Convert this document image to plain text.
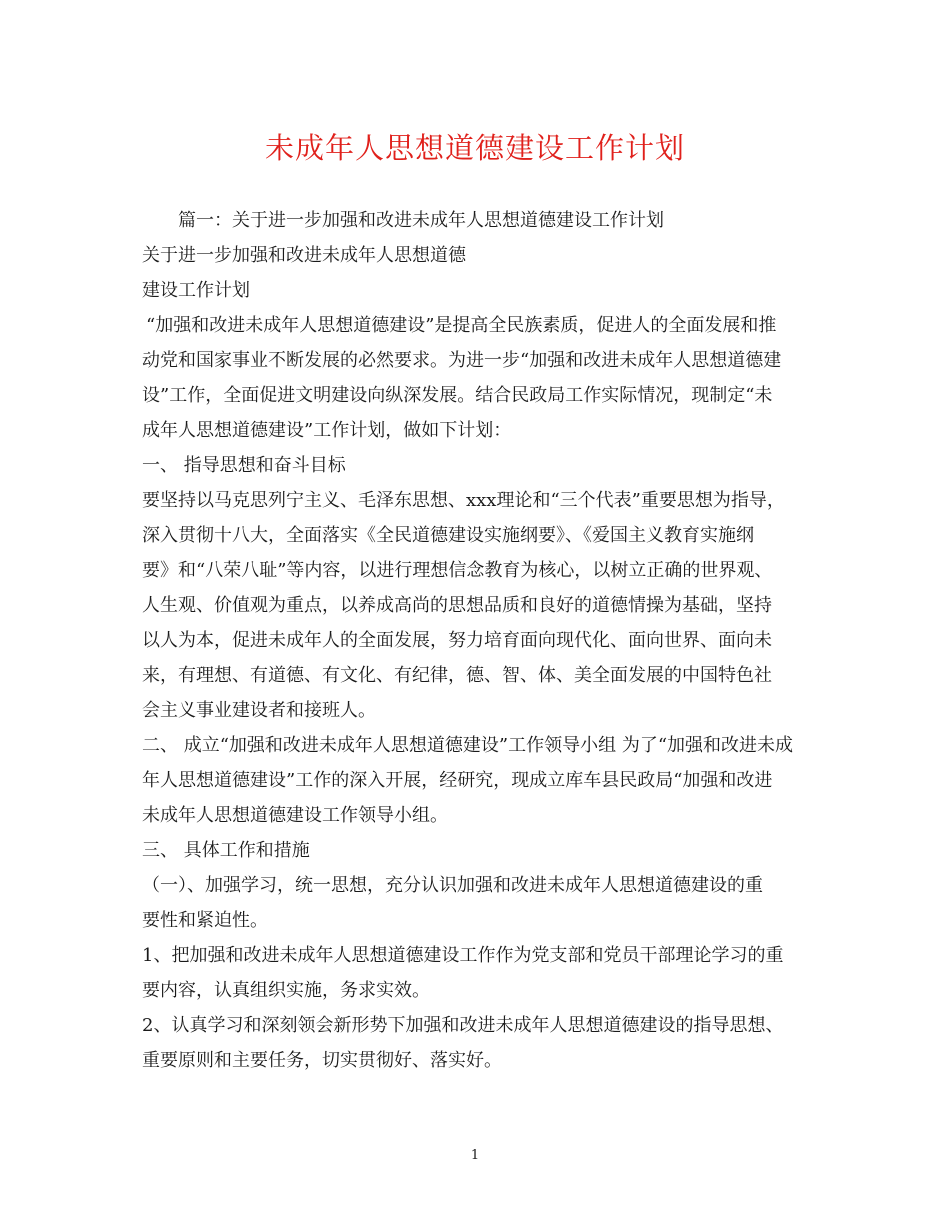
未成年人思想道德建设工作计划
篇一：关于进一步加强和改进未成年人思想道德建设工作计划
关于进一步加强和改进未成年人思想道德
建设工作计划
“加强和改进未成年人思想道德建设”是提高全民族素质，促进人的全面发展和推
动党和国家事业不断发展的必然要求。为进一步“加强和改进未成年人思想道德建
设”工作，全面促进文明建设向纵深发展。结合民政局工作实际情况，现制定“未
成年人思想道德建设”工作计划，做如下计划：
一、 指导思想和奋斗目标
要坚持以马克思列宁主义、毛泽东思想、xxx理论和“三个代表”重要思想为指导，
深入贯彻十八大，全面落实《全民道德建设实施纲要》、《爱国主义教育实施纲
要》和“八荣八耻”等内容，以进行理想信念教育为核心，以树立正确的世界观、
人生观、价值观为重点，以养成高尚的思想品质和良好的道德情操为基础，坚持
以人为本，促进未成年人的全面发展，努力培育面向现代化、面向世界、面向未
来，有理想、有道德、有文化、有纪律，德、智、体、美全面发展的中国特色社
会主义事业建设者和接班人。
二、 成立“加强和改进未成年人思想道德建设”工作领导小组 为了“加强和改进未成
年人思想道德建设”工作的深入开展，经研究，现成立库车县民政局“加强和改进
未成年人思想道德建设工作领导小组。
三、 具体工作和措施
（一）、加强学习，统一思想，充分认识加强和改进未成年人思想道德建设的重
要性和紧迫性。
1、把加强和改进未成年人思想道德建设工作作为党支部和党员干部理论学习的重
要内容，认真组织实施，务求实效。
2、认真学习和深刻领会新形势下加强和改进未成年人思想道德建设的指导思想、
重要原则和主要任务，切实贯彻好、落实好。
1
